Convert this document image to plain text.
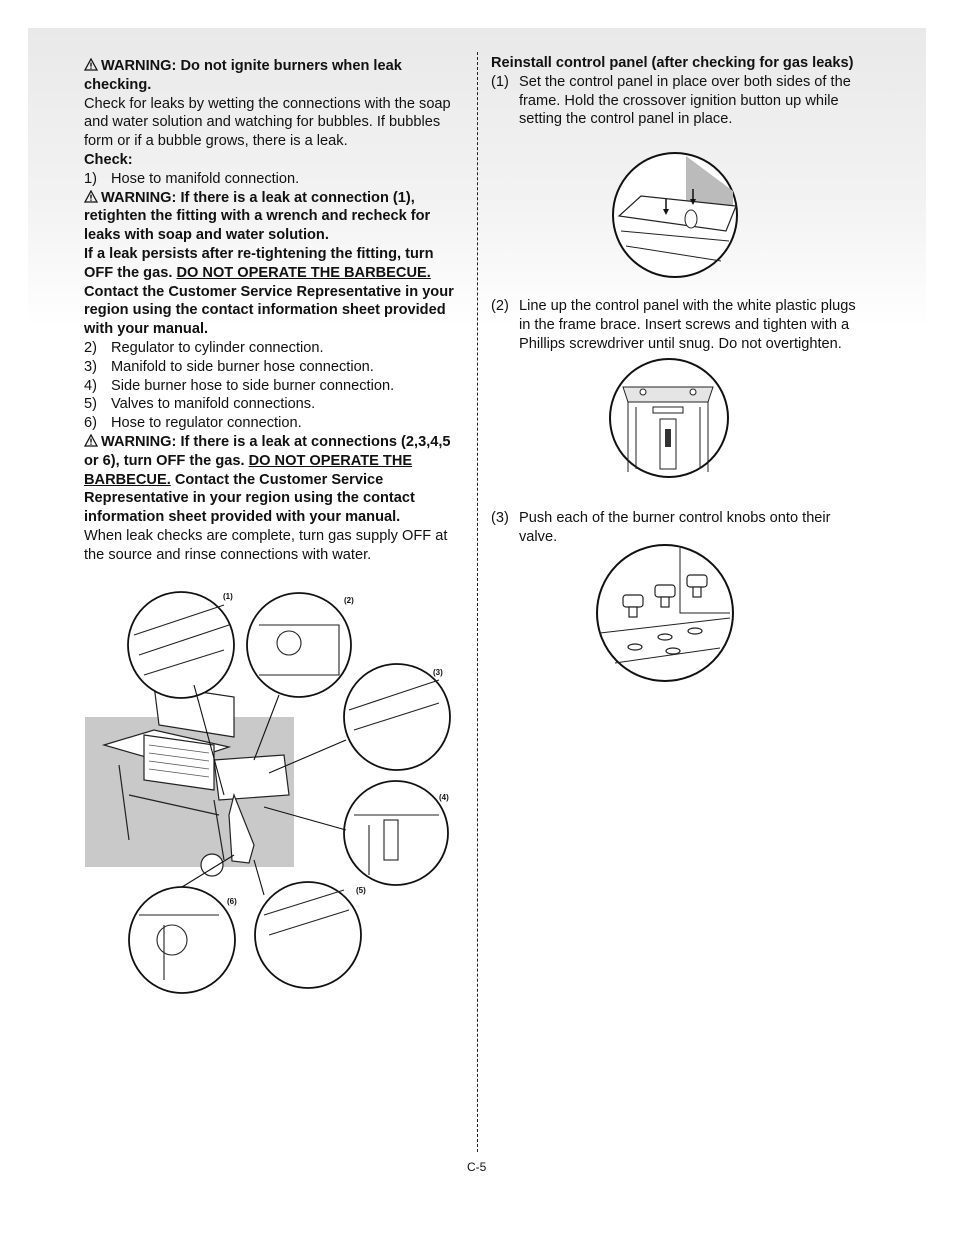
WARNING: Do not ignite burners when leak checking.

Check for leaks by wetting the connections with the soap and water solution and watching for bubbles. If bubbles form or if a bubble grows, there is a leak.

Check:

1) Hose to manifold connection.

WARNING: If there is a leak at connection (1), retighten the fitting with a wrench and recheck for leaks with soap and water solution.

If a leak persists after re-tightening the fitting, turn OFF the gas. DO NOT OPERATE THE BARBECUE. Contact the Customer Service Representative in your region using the contact information sheet provided with your manual.

2) Regulator to cylinder connection.
3) Manifold to side burner hose connection.
4) Side burner hose to side burner connection.
5) Valves to manifold connections.
6) Hose to regulator connection.

WARNING: If there is a leak at connections (2,3,4,5 or 6), turn OFF the gas. DO NOT OPERATE THE BARBECUE. Contact the Customer Service Representative in your region using the contact information sheet provided with your manual.

When leak checks are complete, turn gas supply OFF at the source and rinse connections with water.

(1)	(2)
(3)
(4)
(5)
(6)

Reinstall control panel (after checking for gas leaks)

(1) Set the control panel in place over both sides of the frame. Hold the crossover ignition button up while setting the control panel in place.
(2) Line up the control panel with the white plastic plugs in the frame brace. Insert screws and tighten with a Phillips screwdriver until snug. Do not overtighten.
(3) Push each of the burner control knobs onto their valve.
C-5
